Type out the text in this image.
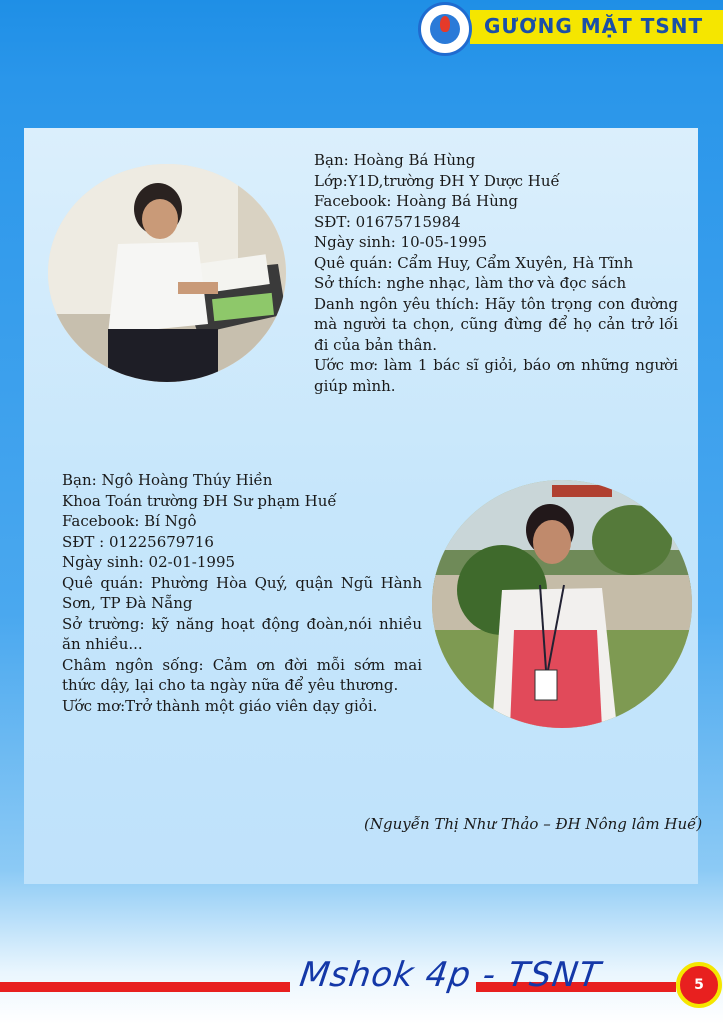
GƯƠNG MẶT TSNT

Bạn: Hoàng Bá Hùng

Lớp:Y1D,trường ĐH Y Dược Huế

Facebook: Hoàng Bá Hùng

SĐT: 01675715984

Ngày sinh: 10-05-1995

Quê quán: Cẩm Huy, Cẩm Xuyên, Hà Tĩnh

Sở thích: nghe nhạc, làm thơ và đọc sách

Danh ngôn yêu thích: Hãy tôn trọng con đường mà người ta chọn, cũng đừng để họ cản trở lối đi của bản thân.

Ước mơ: làm 1 bác sĩ giỏi, báo ơn những người giúp mình.

Bạn: Ngô Hoàng Thúy Hiền

Khoa Toán trường ĐH Sư phạm Huế

Facebook: Bí Ngô

SĐT : 01225679716

Ngày sinh: 02-01-1995

Quê quán: Phường Hòa Quý, quận Ngũ Hành Sơn, TP Đà Nẵng

Sở trường: kỹ năng hoạt động đoàn,nói nhiều ăn nhiều...

Châm ngôn sống: Cảm ơn đời mỗi sớm mai thức dậy, lại cho ta ngày nữa để yêu thương.

Ước mơ:Trở thành một giáo viên dạy giỏi.

(Nguyễn Thị Như Thảo – ĐH Nông lâm Huế)
Mshok 4p - TSNT	5
